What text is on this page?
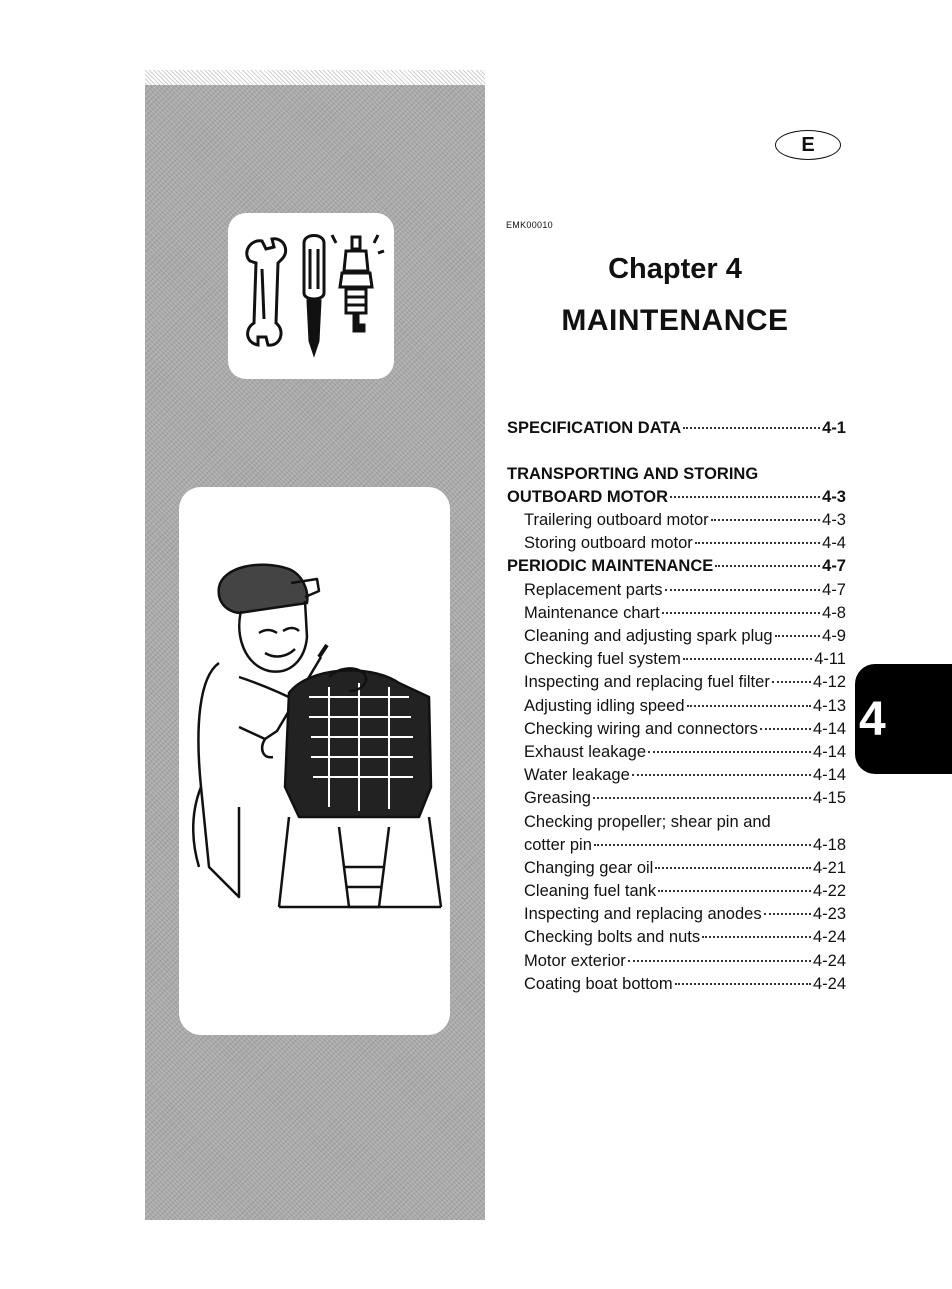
E
EMK00010
Chapter 4
MAINTENANCE
SPECIFICATION DATA	4-1
TRANSPORTING AND STORING
OUTBOARD MOTOR	4-3
Trailering outboard motor	4-3
Storing outboard motor	4-4
PERIODIC MAINTENANCE	4-7
Replacement parts	4-7
Maintenance chart	4-8
Cleaning and adjusting spark plug	4-9
Checking fuel system	4-11
Inspecting and replacing fuel filter	4-12
Adjusting idling speed	4-13
Checking wiring and connectors	4-14
Exhaust leakage	4-14
Water leakage	4-14
Greasing	4-15
Checking propeller; shear pin and
cotter pin	4-18
Changing gear oil	4-21
Cleaning fuel tank	4-22
Inspecting and replacing anodes	4-23
Checking bolts and nuts	4-24
Motor exterior	4-24
Coating boat bottom	4-24
4
